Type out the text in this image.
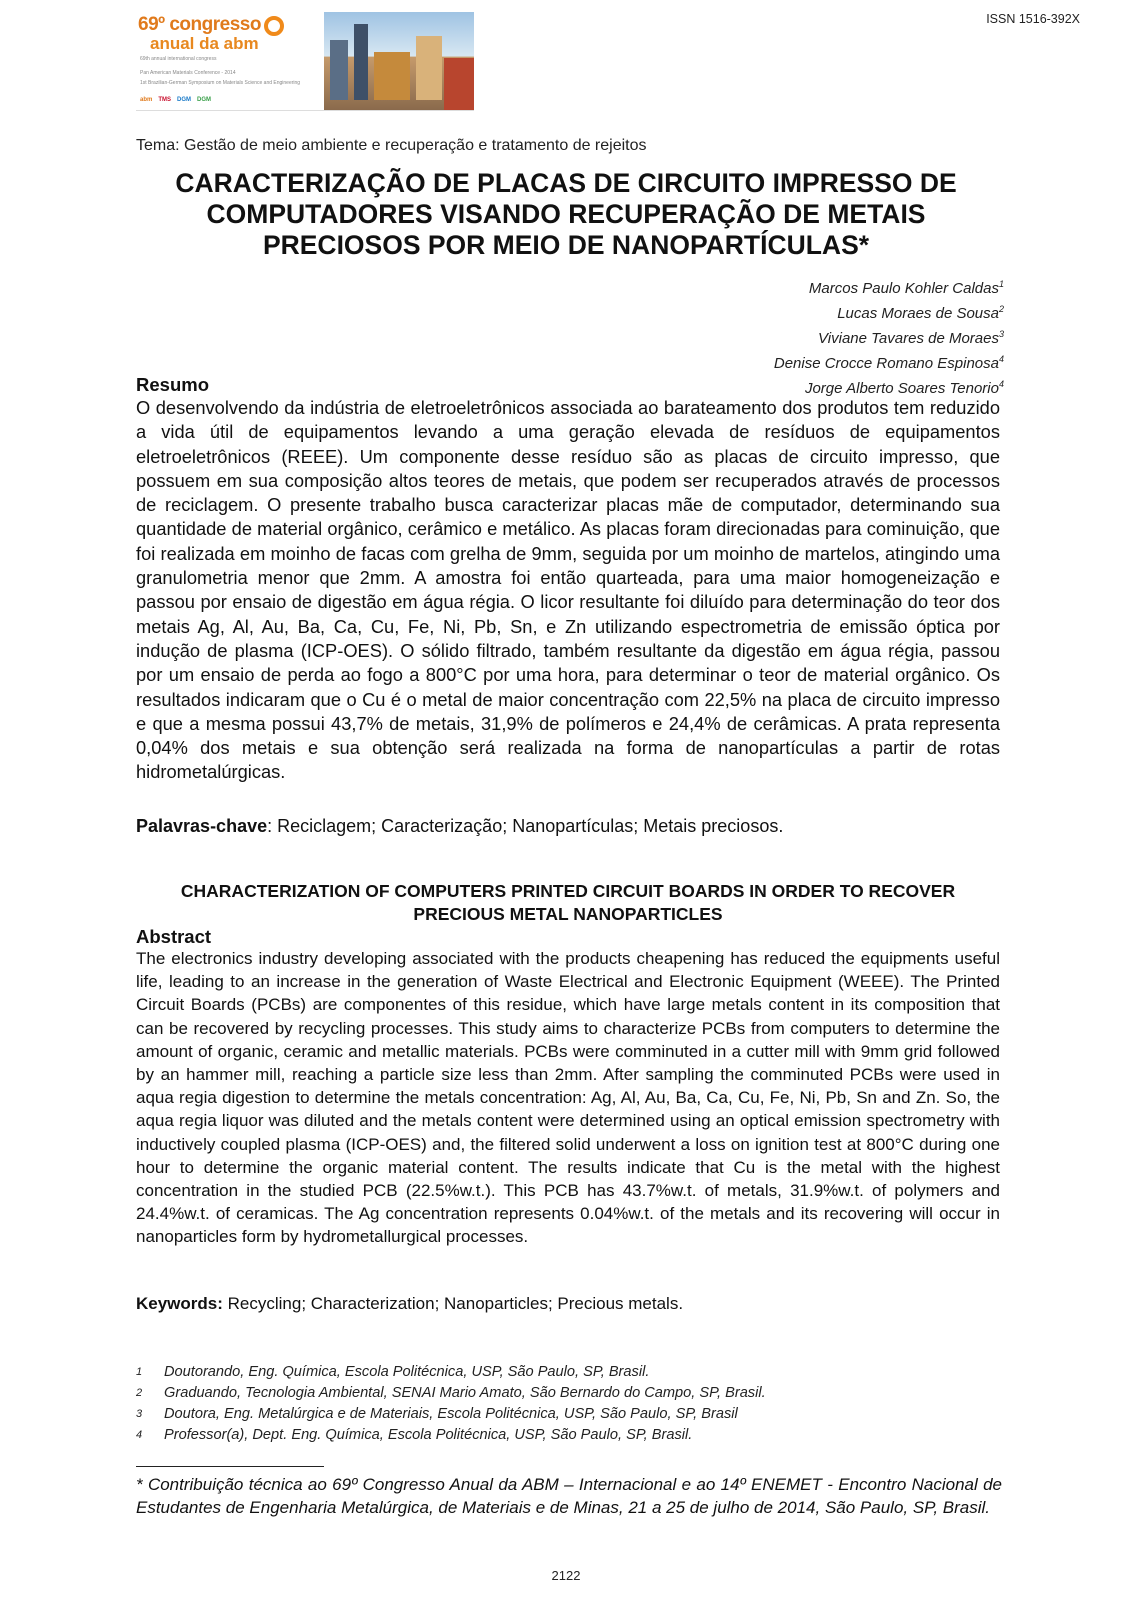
69º congresso
anual da abm
69th annual international congress
Pan American Materials Conference - 2014
1st Brazilian-German Symposium on Materials Science and Engineering
abm TMS DGM DGM
ISSN 1516-392X
Tema: Gestão de meio ambiente e recuperação e tratamento de rejeitos
CARACTERIZAÇÃO DE PLACAS DE CIRCUITO IMPRESSO DE COMPUTADORES VISANDO RECUPERAÇÃO DE METAIS PRECIOSOS POR MEIO DE NANOPARTÍCULAS*
Marcos Paulo Kohler Caldas$^1$
Lucas Moraes de Sousa$^2$
Viviane Tavares de Moraes$^3$
Denise Crocce Romano Espinosa$^4$
Jorge Alberto Soares Tenorio$^4$
Resumo
O desenvolvendo da indústria de eletroeletrônicos associada ao barateamento dos produtos tem reduzido a vida útil de equipamentos levando a uma geração elevada de resíduos de equipamentos eletroeletrônicos (REEE). Um componente desse resíduo são as placas de circuito impresso, que possuem em sua composição altos teores de metais, que podem ser recuperados através de processos de reciclagem. O presente trabalho busca caracterizar placas mãe de computador, determinando sua quantidade de material orgânico, cerâmico e metálico. As placas foram direcionadas para cominuição, que foi realizada em moinho de facas com grelha de 9mm, seguida por um moinho de martelos, atingindo uma granulometria menor que 2mm. A amostra foi então quarteada, para uma maior homogeneização e passou por ensaio de digestão em água régia. O licor resultante foi diluído para determinação do teor dos metais Ag, Al, Au, Ba, Ca, Cu, Fe, Ni, Pb, Sn, e Zn utilizando espectrometria de emissão óptica por indução de plasma (ICP-OES). O sólido filtrado, também resultante da digestão em água régia, passou por um ensaio de perda ao fogo a 800°C por uma hora, para determinar o teor de material orgânico. Os resultados indicaram que o Cu é o metal de maior concentração com 22,5% na placa de circuito impresso e que a mesma possui 43,7% de metais, 31,9% de polímeros e 24,4% de cerâmicas. A prata representa 0,04% dos metais e sua obtenção será realizada na forma de nanopartículas a partir de rotas hidrometalúrgicas.
Palavras-chave: Reciclagem; Caracterização; Nanopartículas; Metais preciosos.
CHARACTERIZATION OF COMPUTERS PRINTED CIRCUIT BOARDS IN ORDER TO RECOVER PRECIOUS METAL NANOPARTICLES
Abstract
The electronics industry developing associated with the products cheapening has reduced the equipments useful life, leading to an increase in the generation of Waste Electrical and Electronic Equipment (WEEE). The Printed Circuit Boards (PCBs) are componentes of this residue, which have large metals content in its composition that can be recovered by recycling processes. This study aims to characterize PCBs from computers to determine the amount of organic, ceramic and metallic materials. PCBs were comminuted in a cutter mill with 9mm grid followed by an hammer mill, reaching a particle size less than 2mm. After sampling the comminuted PCBs were used in aqua regia digestion to determine the metals concentration: Ag, Al, Au, Ba, Ca, Cu, Fe, Ni, Pb, Sn and Zn. So, the aqua regia liquor was diluted and the metals content were determined using an optical emission spectrometry with inductively coupled plasma (ICP-OES) and, the filtered solid underwent a loss on ignition test at 800°C during one hour to determine the organic material content. The results indicate that Cu is the metal with the highest concentration in the studied PCB (22.5%w.t.). This PCB has 43.7%w.t. of metals, 31.9%w.t. of polymers and 24.4%w.t. of ceramicas. The Ag concentration represents 0.04%w.t. of the metals and its recovering will occur in nanoparticles form by hydrometallurgical processes.
Keywords: Recycling; Characterization; Nanoparticles; Precious metals.
1	Doutorando, Eng. Química, Escola Politécnica, USP, São Paulo, SP, Brasil.
2	Graduando, Tecnologia Ambiental, SENAI Mario Amato, São Bernardo do Campo, SP, Brasil.
3	Doutora, Eng. Metalúrgica e de Materiais, Escola Politécnica, USP, São Paulo, SP, Brasil
4	Professor(a), Dept. Eng. Química, Escola Politécnica, USP, São Paulo, SP, Brasil.
* Contribuição técnica ao 69º Congresso Anual da ABM – Internacional e ao 14º ENEMET - Encontro Nacional de Estudantes de Engenharia Metalúrgica, de Materiais e de Minas, 21 a 25 de julho de 2014, São Paulo, SP, Brasil.
2122
